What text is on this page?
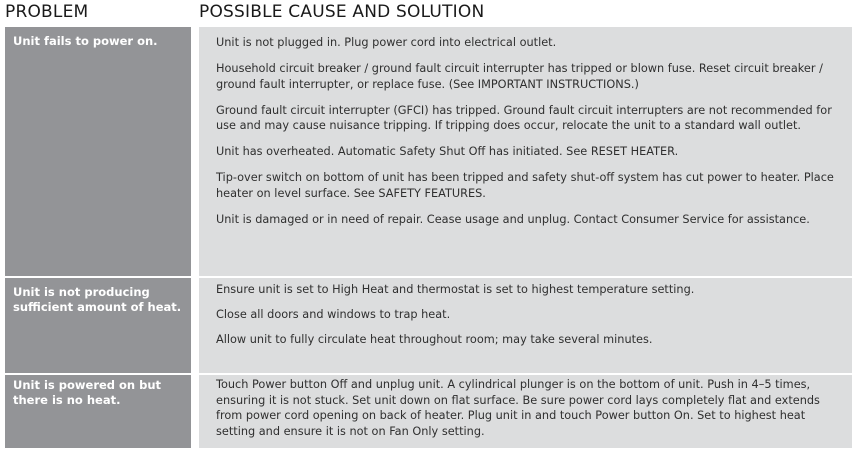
PROBLEM	POSSIBLE CAUSE AND SOLUTION
Unit fails to power on.	Unit is not plugged in. Plug power cord into electrical outlet.
Household circuit breaker / ground fault circuit interrupter has tripped or blown fuse. Reset circuit breaker / ground fault interrupter, or replace fuse. (See IMPORTANT INSTRUCTIONS.)
Ground fault circuit interrupter (GFCI) has tripped. Ground fault circuit interrupters are not recommended for use and may cause nuisance tripping. If tripping does occur, relocate the unit to a standard wall outlet.
Unit has overheated. Automatic Safety Shut Off has initiated. See RESET HEATER.
Tip-over switch on bottom of unit has been tripped and safety shut-off system has cut power to heater. Place heater on level surface. See SAFETY FEATURES.
Unit is damaged or in need of repair. Cease usage and unplug. Contact Consumer Service for assistance.
Unit is not producing sufficient amount of heat.
Ensure unit is set to High Heat and thermostat is set to highest temperature setting.
Close all doors and windows to trap heat.
Allow unit to fully circulate heat throughout room; may take several minutes.
Unit is powered on but there is no heat.
Touch Power button Off and unplug unit. A cylindrical plunger is on the bottom of unit. Push in 4–5 times, ensuring it is not stuck. Set unit down on flat surface. Be sure power cord lays completely flat and extends from power cord opening on back of heater. Plug unit in and touch Power button On. Set to highest heat setting and ensure it is not on Fan Only setting.
